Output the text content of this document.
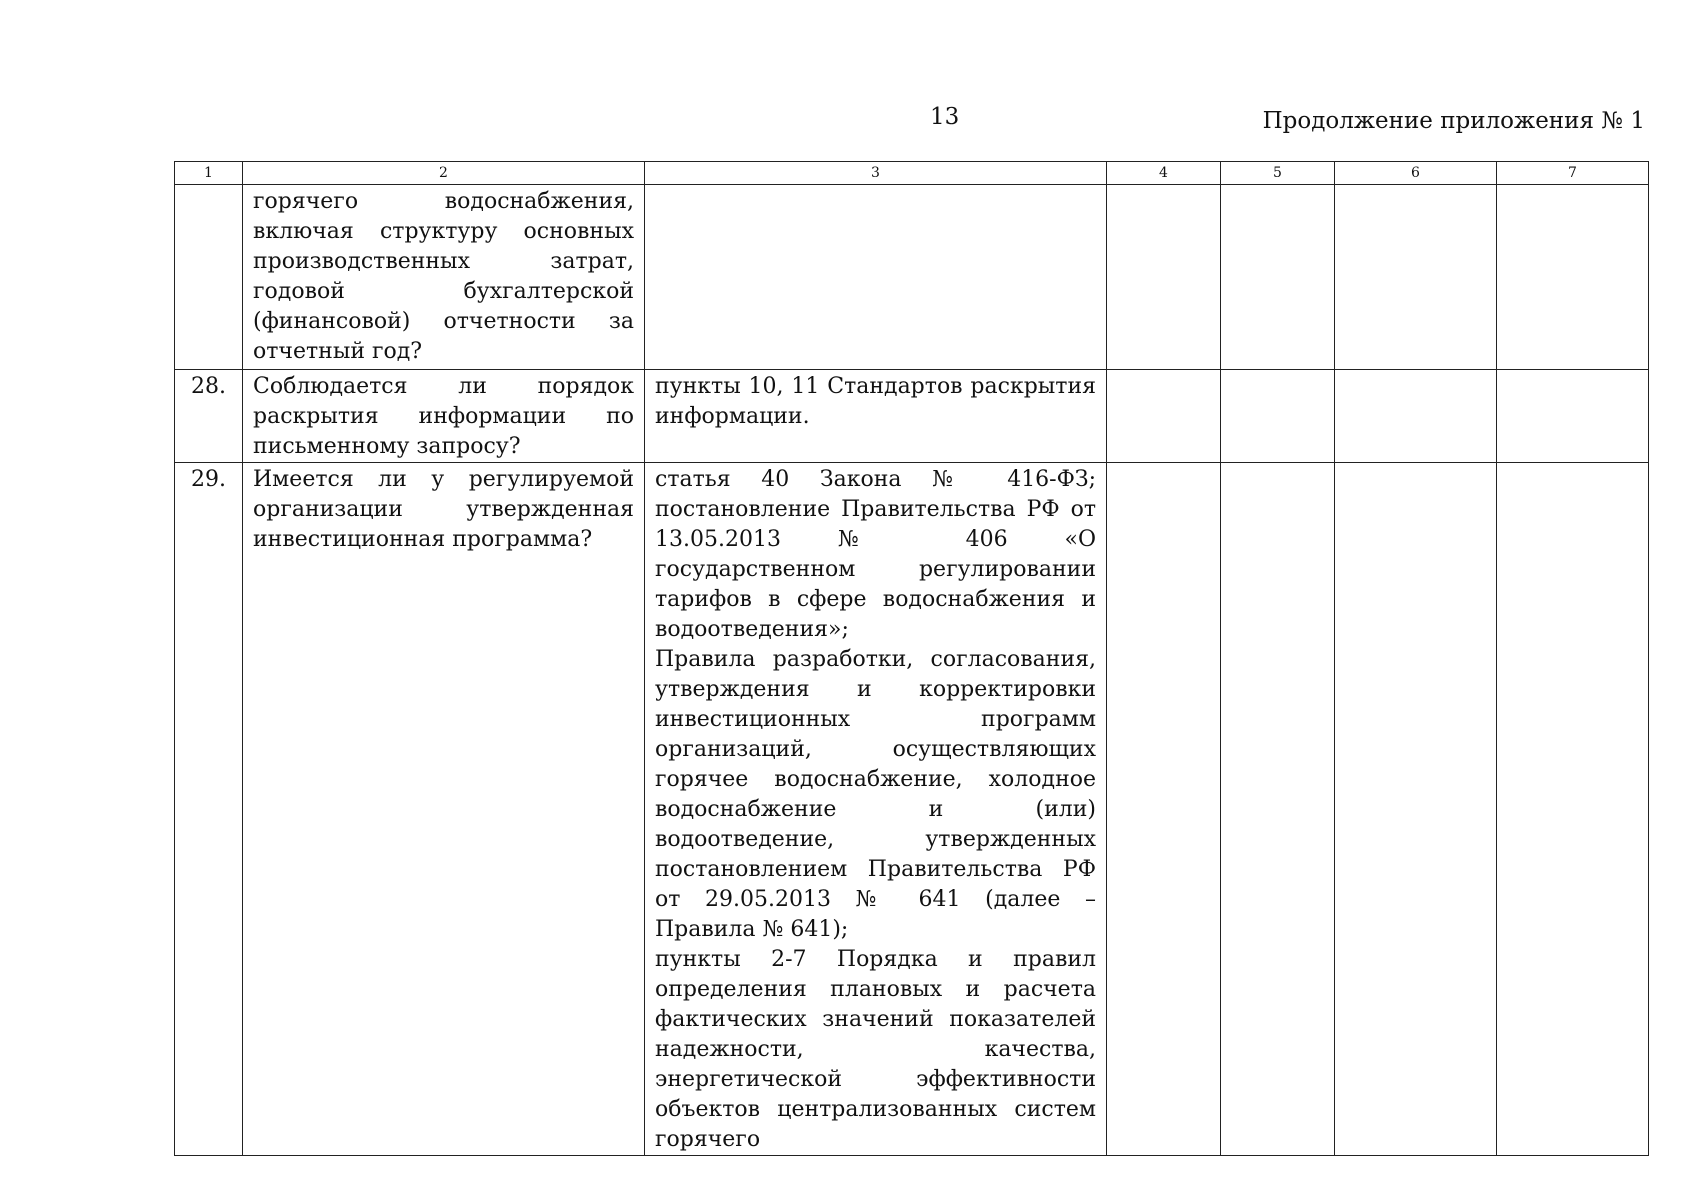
13	Продолжение приложения № 1
1	2	3	4	5	6	7
	горячего водоснабжения, включая структуру основных производственных затрат, годовой бухгалтерской (финансовой) отчетности за отчетный год?					
28.	Соблюдается ли порядок раскрытия информации по письменному запросу?	пункты 10, 11 Стандартов раскрытия информации.				

29.	Имеется ли у регулируемой организации утвержденная инвестиционная программа?	статья 40 Закона № 416-ФЗ; постановление Правительства РФ от 13.05.2013 № 406 «О государственном регулировании тарифов в сфере водоснабжения и водоотведения»;
Правила разработки, согласования, утверждения и корректировки инвестиционных программ организаций, осуществляющих горячее водоснабжение, холодное водоснабжение и (или) водоотведение, утвержденных постановлением Правительства РФ от 29.05.2013 № 641 (далее – Правила № 641);
пункты 2-7 Порядка и правил определения плановых и расчета фактических значений показателей надежности, качества, энергетической эффективности объектов централизованных систем горячего				
